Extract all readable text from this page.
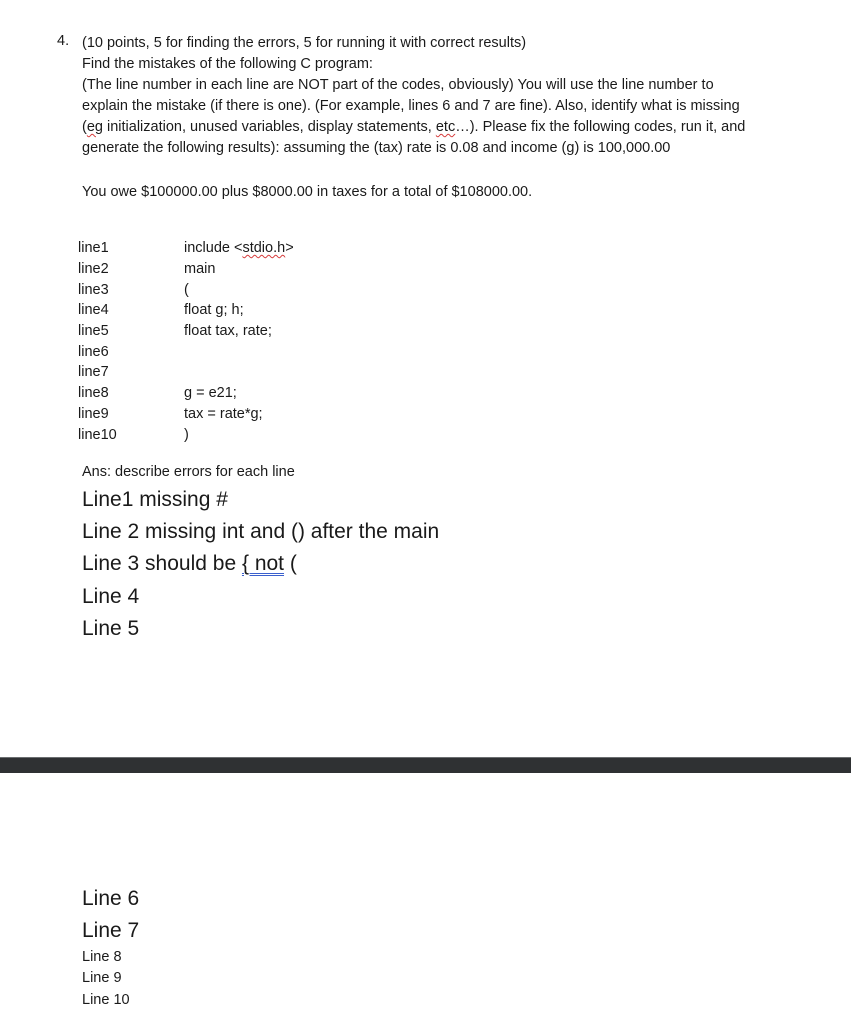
4. (10 points, 5 for finding the errors, 5 for running it with correct results)
Find the mistakes of the following C program:
(The line number in each line are NOT part of the codes, obviously) You will use the line number to
explain the mistake (if there is one). (For example, lines 6 and 7 are fine). Also, identify what is missing
(eg initialization, unused variables, display statements, etc…). Please fix the following codes, run it, and
generate the following results): assuming the (tax) rate is 0.08 and income (g) is 100,000.00
You owe $100000.00 plus $8000.00 in taxes for a total of $108000.00.
line1
line2
line3
line4
line5
line6
line7
line8
line9
line10
include <stdio.h>
main
(
float g; h;
float tax, rate;
g = e21;
tax = rate*g;
)
Ans: describe errors for each line
Line1 missing #
Line 2 missing int and () after the main
Line 3 should be { not (
Line 4
Line 5
Line 6
Line 7
Line 8
Line 9
Line 10
